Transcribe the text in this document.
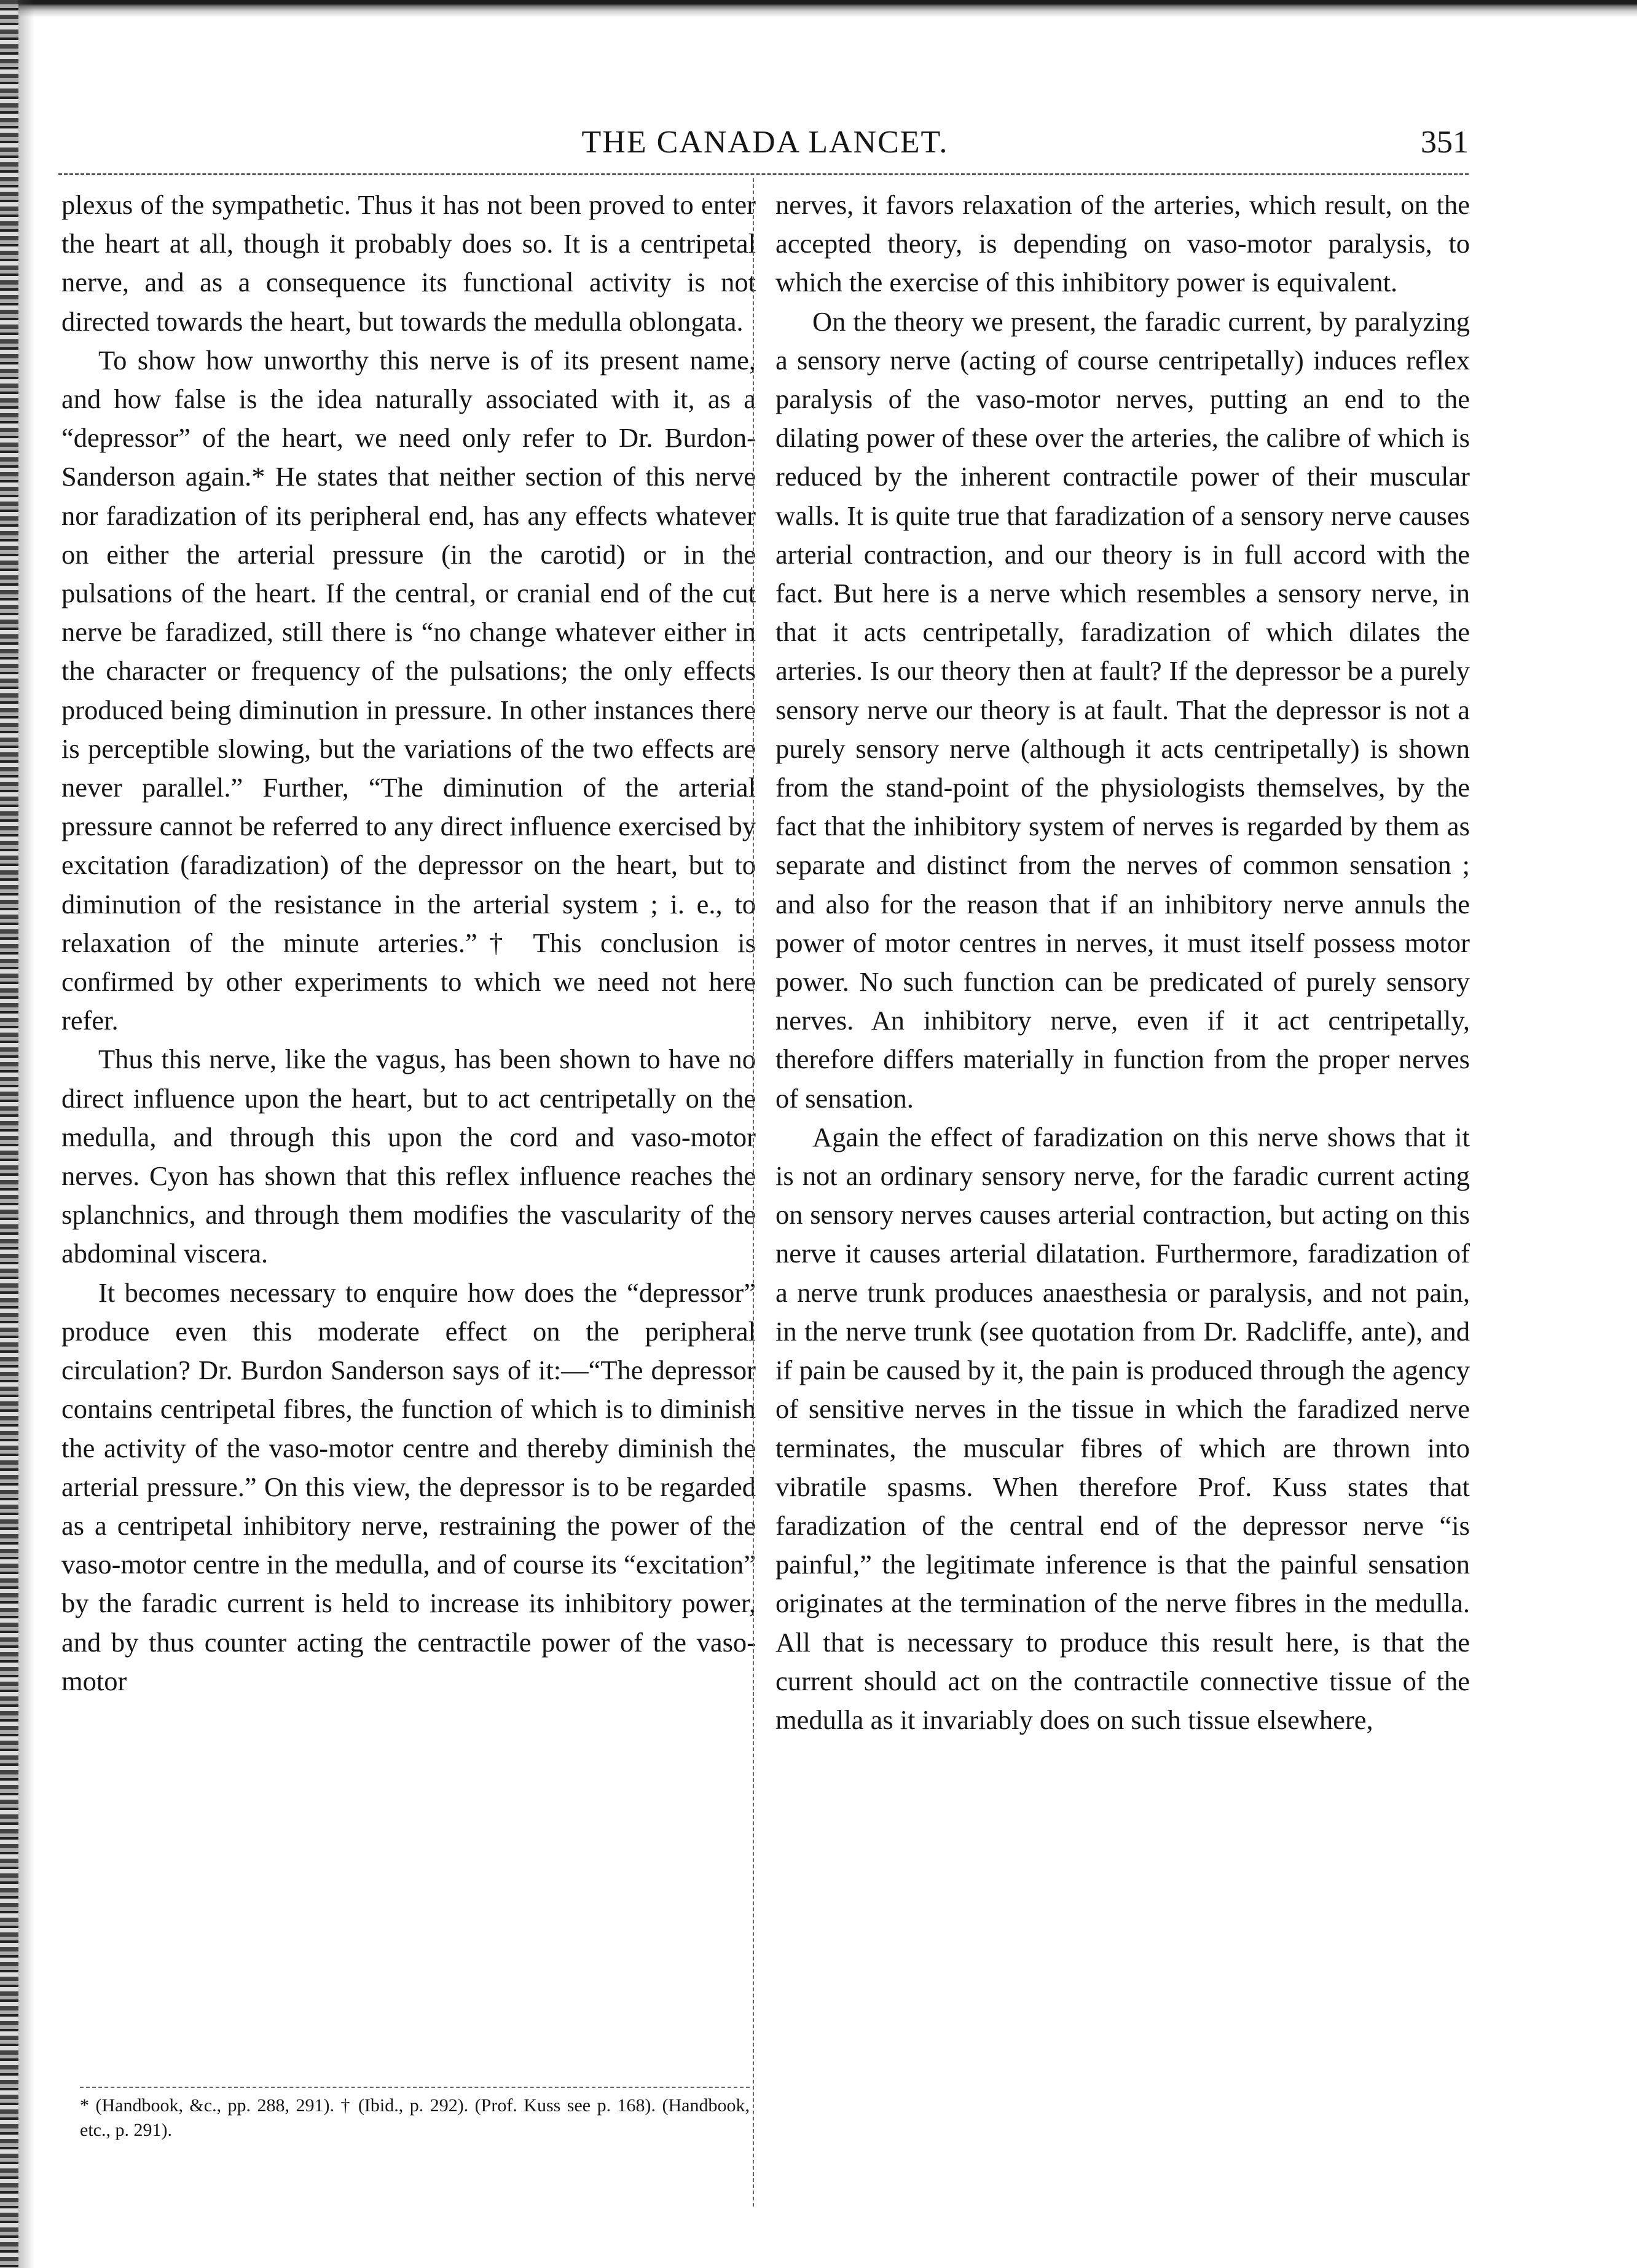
THE CANADA LANCET.	351

plexus of the sympathetic. Thus it has not been proved to enter the heart at all, though it probably does so. It is a centripetal nerve, and as a consequence its functional activity is not directed towards the heart, but towards the medulla oblongata.

To show how unworthy this nerve is of its present name, and how false is the idea naturally associated with it, as a “depressor” of the heart, we need only refer to Dr. Burdon-Sanderson again.* He states that neither section of this nerve nor faradization of its peripheral end, has any effects whatever on either the arterial pressure (in the carotid) or in the pulsations of the heart. If the central, or cranial end of the cut nerve be faradized, still there is “no change whatever either in the character or frequency of the pulsations; the only effects produced being diminution in pressure. In other instances there is perceptible slowing, but the variations of the two effects are never parallel.” Further, “The diminution of the arterial pressure cannot be referred to any direct influence exercised by excitation (faradization) of the depressor on the heart, but to diminution of the resistance in the arterial system ; i. e., to relaxation of the minute arteries.”† This conclusion is confirmed by other experiments to which we need not here refer.

Thus this nerve, like the vagus, has been shown to have no direct influence upon the heart, but to act centripetally on the medulla, and through this upon the cord and vaso-motor nerves. Cyon has shown that this reflex influence reaches the splanchnics, and through them modifies the vascularity of the abdominal viscera.

It becomes necessary to enquire how does the “depressor” produce even this moderate effect on the peripheral circulation? Dr. Burdon Sanderson says of it:—“The depressor contains centripetal fibres, the function of which is to diminish the activity of the vaso-motor centre and thereby diminish the arterial pressure.” On this view, the depressor is to be regarded as a centripetal inhibitory nerve, restraining the power of the vaso-motor centre in the medulla, and of course its “excitation” by the faradic current is held to increase its inhibitory power, and by thus counter acting the centractile power of the vaso-motor

nerves, it favors relaxation of the arteries, which result, on the accepted theory, is depending on vaso-motor paralysis, to which the exercise of this inhibitory power is equivalent.

On the theory we present, the faradic current, by paralyzing a sensory nerve (acting of course centripetally) induces reflex paralysis of the vaso-motor nerves, putting an end to the dilating power of these over the arteries, the calibre of which is reduced by the inherent contractile power of their muscular walls. It is quite true that faradization of a sensory nerve causes arterial contraction, and our theory is in full accord with the fact. But here is a nerve which resembles a sensory nerve, in that it acts centripetally, faradization of which dilates the arteries. Is our theory then at fault? If the depressor be a purely sensory nerve our theory is at fault. That the depressor is not a purely sensory nerve (although it acts centripetally) is shown from the stand-point of the physiologists themselves, by the fact that the inhibitory system of nerves is regarded by them as separate and distinct from the nerves of common sensation ; and also for the reason that if an inhibitory nerve annuls the power of motor centres in nerves, it must itself possess motor power. No such function can be predicated of purely sensory nerves. An inhibitory nerve, even if it act centripetally, therefore differs materially in function from the proper nerves of sensation.

Again the effect of faradization on this nerve shows that it is not an ordinary sensory nerve, for the faradic current acting on sensory nerves causes arterial contraction, but acting on this nerve it causes arterial dilatation. Furthermore, faradization of a nerve trunk produces anaesthesia or paralysis, and not pain, in the nerve trunk (see quotation from Dr. Radcliffe, ante), and if pain be caused by it, the pain is produced through the agency of sensitive nerves in the tissue in which the faradized nerve terminates, the muscular fibres of which are thrown into vibratile spasms. When therefore Prof. Kuss states that faradization of the central end of the depressor nerve “is painful,” the legitimate inference is that the painful sensation originates at the termination of the nerve fibres in the medulla. All that is necessary to produce this result here, is that the current should act on the contractile connective tissue of the medulla as it invariably does on such tissue elsewhere,

* (Handbook, &c., pp. 288, 291). † (Ibid., p. 292). (Prof. Kuss see p. 168). (Handbook, etc., p. 291).
